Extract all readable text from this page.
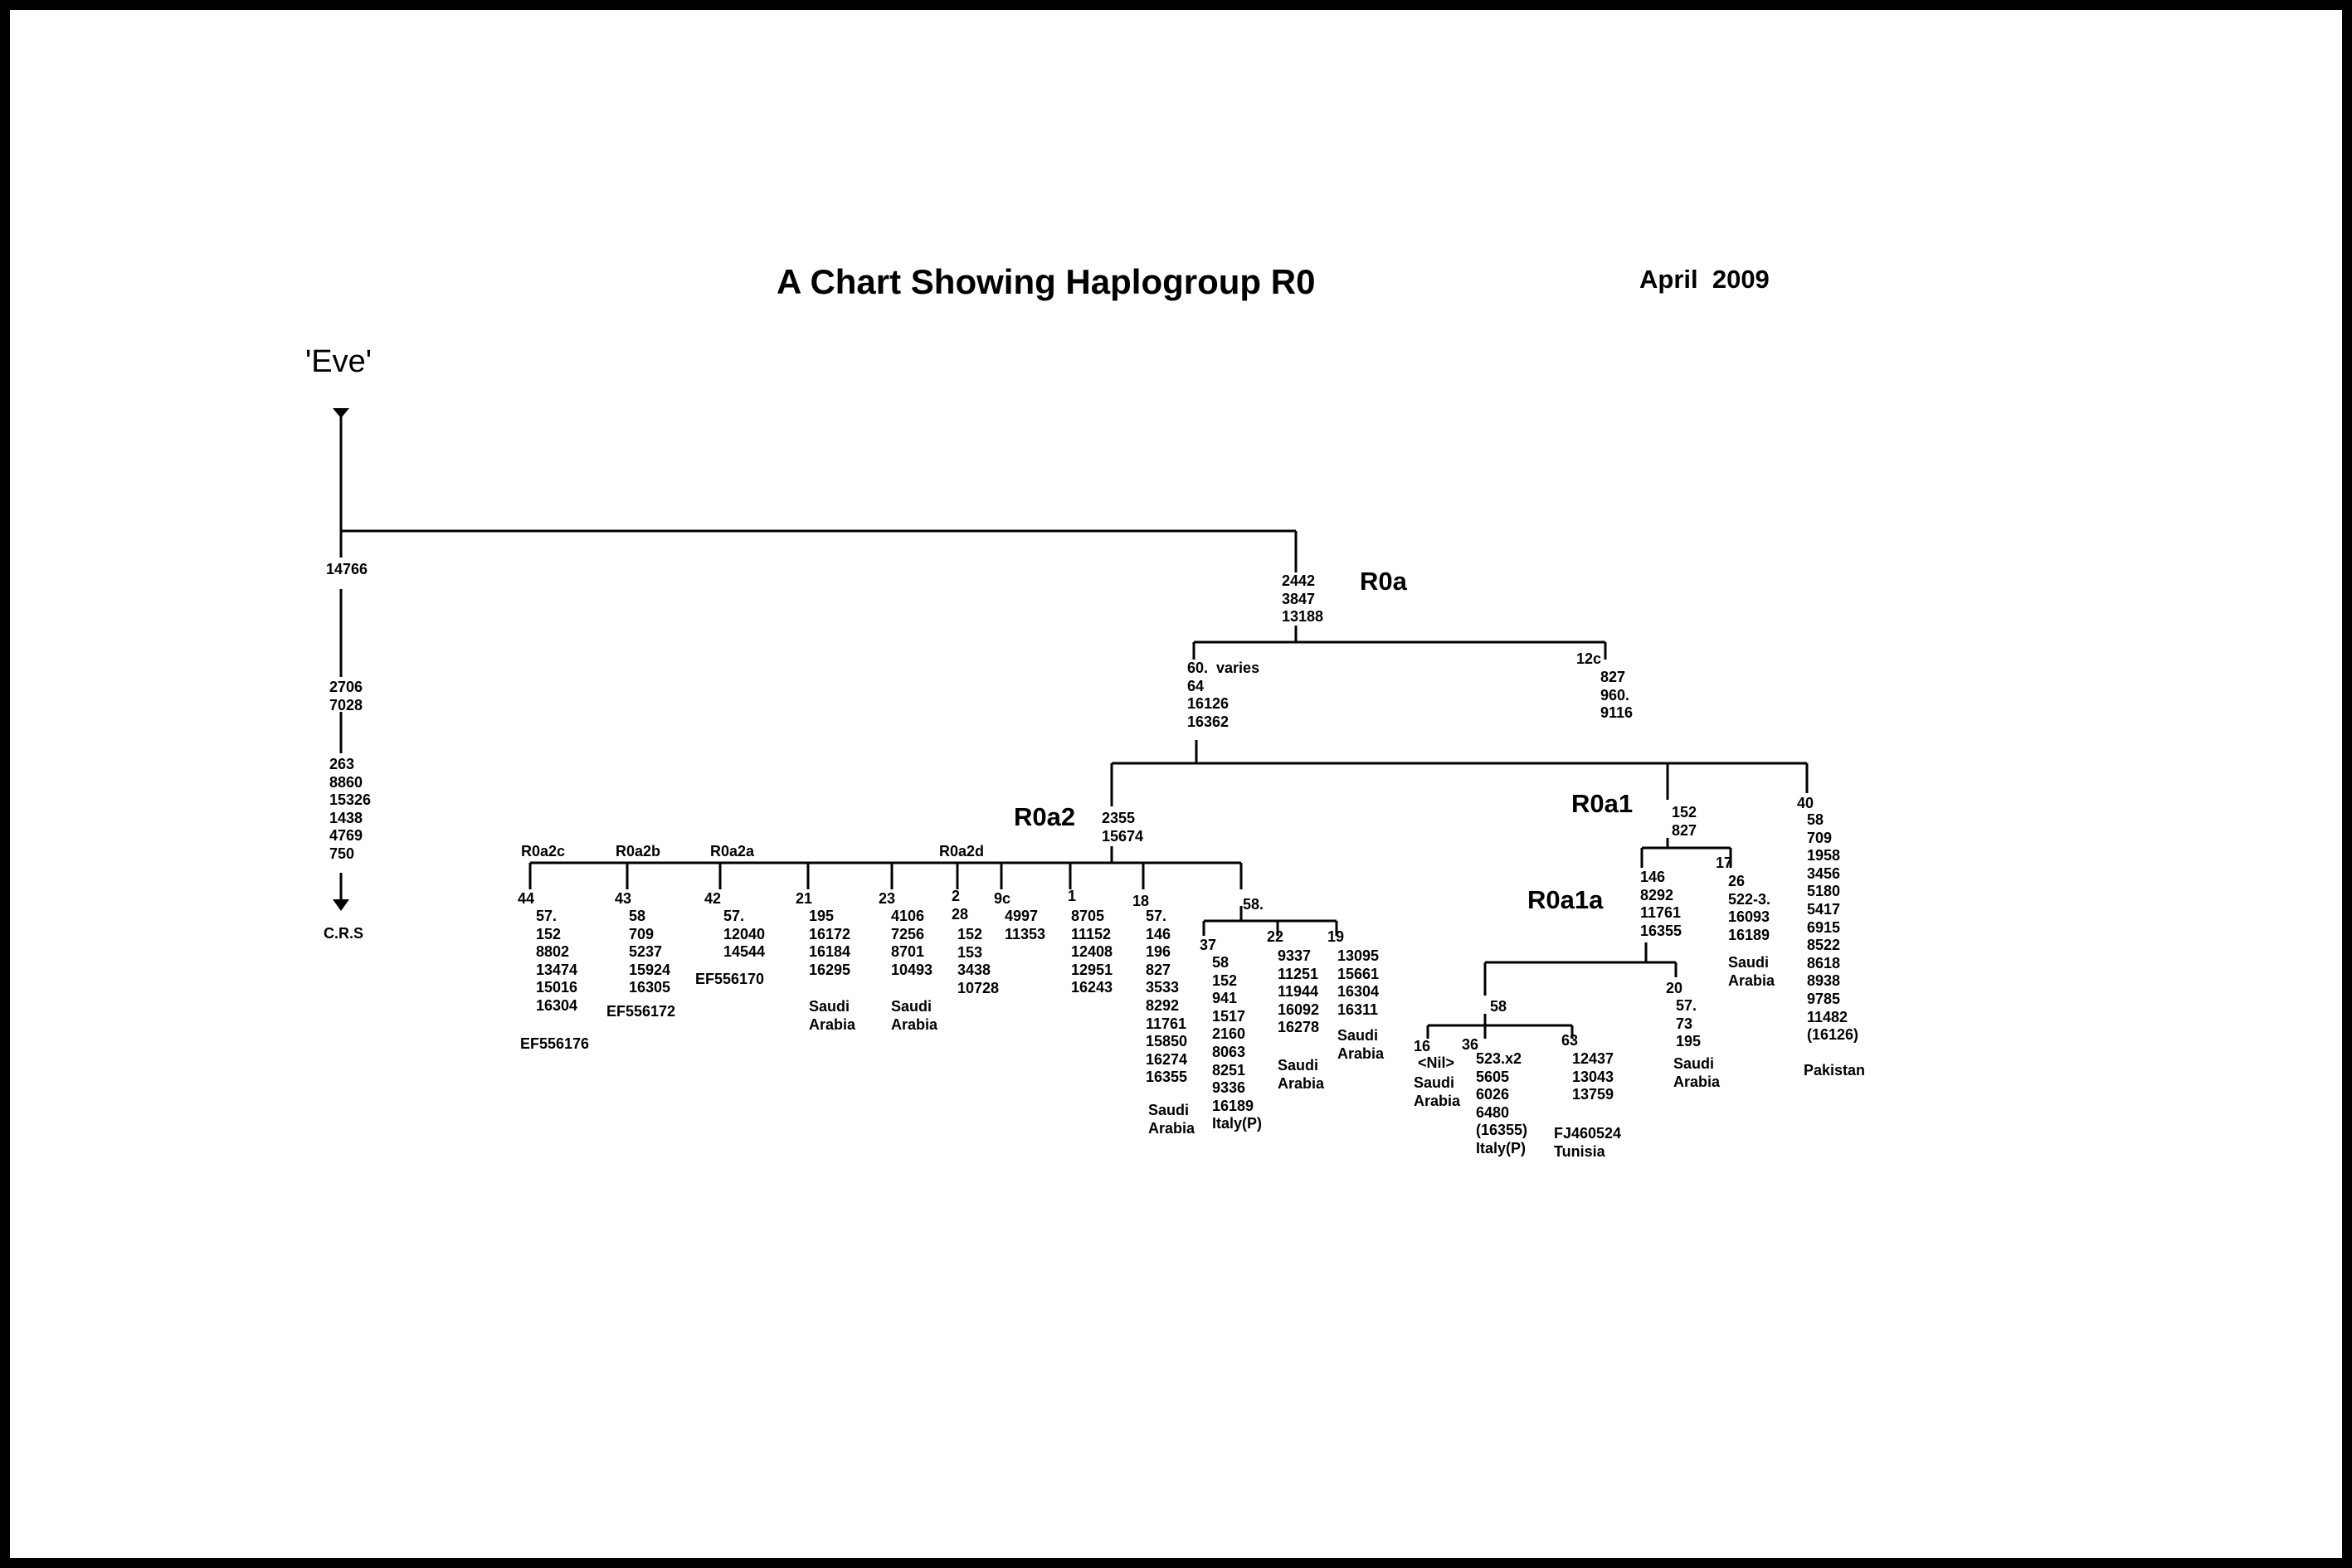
A Chart Showing Haplogroup R0	April  2009
'Eve'
14766
2706
7028
263
8860
15326
1438
4769
750
C.R.S
R0a
2442
3847
13188
60.  varies
64
16126
16362
12c
827
960.
9116
R0a2	R0a1
R0a1a
R0a2c	R0a2b	R0a2a	R0a2d
2355
15674
44
57.
152
8802
13474
15016
16304
EF556176
43
58
709
5237
15924
16305
EF556172
42
57.
12040
14544
EF556170
21
195
16172
16184
16295
Saudi
Arabia
23
4106
7256
8701
10493
Saudi
Arabia
2
28
152
153
3438
10728
9c
4997
11353
1
8705
11152
12408
12951
16243
18
57.
146
196
827
3533
8292
11761
15850
16274
16355
Saudi
Arabia
58.
37
58
152
941
1517
2160
8063
8251
9336
16189
Italy(P)
22
9337
11251
11944
16092
16278
Saudi
Arabia
19
13095
15661
16304
16311
Saudi
Arabia
152
827
146
8292
11761
16355
17
26
522-3.
16093
16189
Saudi
Arabia
58
16
<Nil>
Saudi
Arabia
36
523.x2
5605
6026
6480
(16355)
Italy(P)
63
12437
13043
13759
FJ460524
Tunisia
20
57.
73
195
Saudi
Arabia
40
58
709
1958
3456
5180
5417
6915
8522
8618
8938
9785
11482
(16126)
Pakistan
